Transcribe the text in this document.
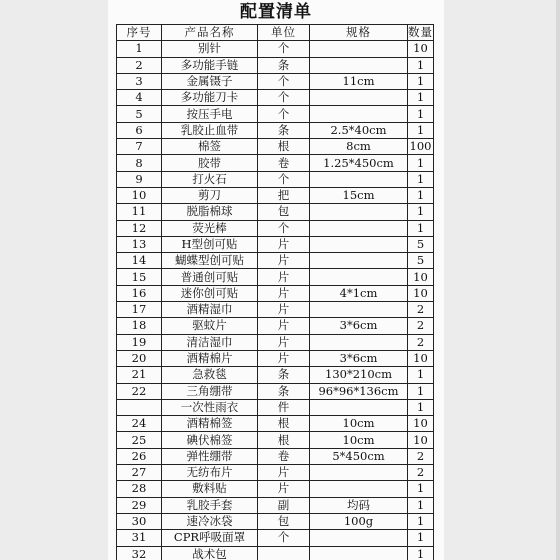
配置清单
序号	产品名称	单位	规格	数量
1	别针	个		10
2	多功能手链	条		1
3	金属镊子	个	11cm	1
4	多功能刀卡	个		1
5	按压手电	个		1
6	乳胶止血带	条	2.5*40cm	1
7	棉签	根	8cm	100
8	胶带	卷	1.25*450cm	1
9	打火石	个		1
10	剪刀	把	15cm	1
11	脱脂棉球	包		1
12	荧光棒	个		1
13	H型创可贴	片		5
14	蝴蝶型创可贴	片		5
15	普通创可贴	片		10
16	迷你创可贴	片	4*1cm	10
17	酒精湿巾	片		2
18	驱蚊片	片	3*6cm	2
19	清洁湿巾	片		2
20	酒精棉片	片	3*6cm	10
21	急救毯	条	130*210cm	1
22	三角绷带	条	96*96*136cm	1
	一次性雨衣	件		1
24	酒精棉签	根	10cm	10
25	碘伏棉签	根	10cm	10
26	弹性绷带	卷	5*450cm	2
27	无纺布片	片		2
28	敷料贴	片		1
29	乳胶手套	副	均码	1
30	速冷冰袋	包	100g	1
31	CPR呼吸面罩	个		1
32	战术包			1
